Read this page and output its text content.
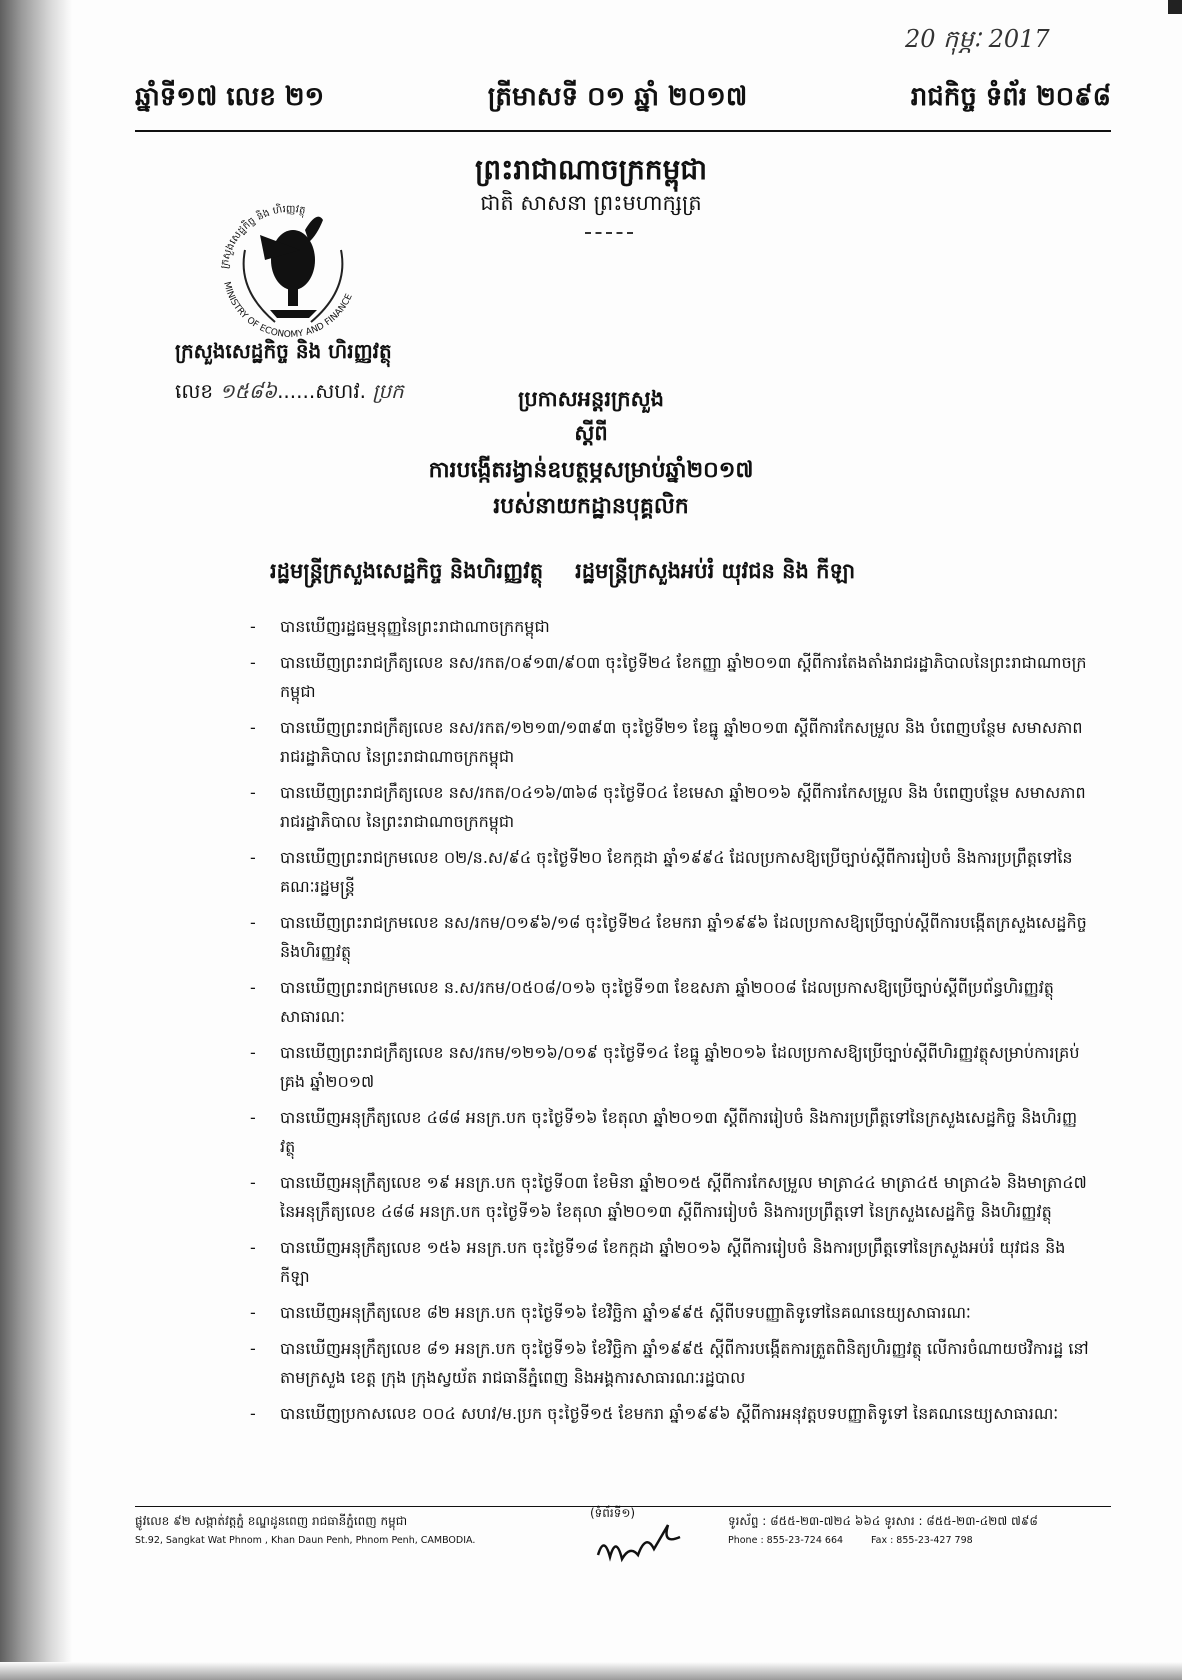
20 កុម្ភៈ 2017
ឆ្នាំទី១៧ លេខ ២១	ត្រីមាសទី ០១ ឆ្នាំ ២០១៧	រាជកិច្ច ទំព័រ ២០៩៨
ព្រះរាជាណាចក្រកម្ពុជា
ជាតិ សាសនា ព្រះមហាក្សត្រ
ក្រសួងសេដ្ឋកិច្ច និង ហិរញ្ញវត្ថុ
MINISTRY OF ECONOMY AND FINANCE
ក្រសួងសេដ្ឋកិច្ច និង ហិរញ្ញវត្ថុ
លេខ ១៥៨៦......សហវ. ប្រក	ប្រកាសអន្តរក្រសួង
ស្តីពី
ការបង្កើតរង្វាន់ឧបត្ថម្ភសម្រាប់ឆ្នាំ២០១៧
របស់នាយកដ្ឋានបុគ្គលិក
រដ្ឋមន្ត្រីក្រសួងសេដ្ឋកិច្ច និងហិរញ្ញវត្ថុ រដ្ឋមន្ត្រីក្រសួងអប់រំ យុវជន និង កីឡា
- បានឃើញរដ្ឋធម្មនុញ្ញនៃព្រះរាជាណាចក្រកម្ពុជា
- បានឃើញព្រះរាជក្រឹត្យលេខ នស/រកត/០៩១៣/៩០៣ ចុះថ្ងៃទី២៤ ខែកញ្ញា ឆ្នាំ២០១៣ ស្តីពីការតែងតាំងរាជរដ្ឋាភិបាលនៃព្រះរាជាណាចក្រកម្ពុជា
- បានឃើញព្រះរាជក្រឹត្យលេខ នស/រកត/១២១៣/១៣៩៣ ចុះថ្ងៃទី២១ ខែធ្នូ ឆ្នាំ២០១៣ ស្តីពីការកែសម្រួល និង បំពេញបន្ថែម សមាសភាពរាជរដ្ឋាភិបាល នៃព្រះរាជាណាចក្រកម្ពុជា
- បានឃើញព្រះរាជក្រឹត្យលេខ នស/រកត/០៤១៦/៣៦៨ ចុះថ្ងៃទី០៤ ខែមេសា ឆ្នាំ២០១៦ ស្តីពីការកែសម្រួល និង បំពេញបន្ថែម សមាសភាពរាជរដ្ឋាភិបាល នៃព្រះរាជាណាចក្រកម្ពុជា
- បានឃើញព្រះរាជក្រមលេខ ០២/ន.ស/៩៤ ចុះថ្ងៃទី២០ ខែកក្កដា ឆ្នាំ១៩៩៤ ដែលប្រកាសឱ្យប្រើច្បាប់ស្តីពីការរៀបចំ និងការប្រព្រឹត្តទៅនៃគណៈរដ្ឋមន្ត្រី
- បានឃើញព្រះរាជក្រមលេខ នស/រកម/០១៩៦/១៨ ចុះថ្ងៃទី២៤ ខែមករា ឆ្នាំ១៩៩៦ ដែលប្រកាសឱ្យប្រើច្បាប់ស្តីពីការបង្កើតក្រសួងសេដ្ឋកិច្ច និងហិរញ្ញវត្ថុ
- បានឃើញព្រះរាជក្រមលេខ ន.ស/រកម/០៥០៨/០១៦ ចុះថ្ងៃទី១៣ ខែឧសភា ឆ្នាំ២០០៨ ដែលប្រកាសឱ្យប្រើច្បាប់ស្តីពីប្រព័ន្ធហិរញ្ញវត្ថុសាធារណៈ
- បានឃើញព្រះរាជក្រឹត្យលេខ នស/រកម/១២១៦/០១៩ ចុះថ្ងៃទី១៤ ខែធ្នូ ឆ្នាំ២០១៦ ដែលប្រកាសឱ្យប្រើច្បាប់ស្តីពីហិរញ្ញវត្ថុសម្រាប់ការគ្រប់គ្រង ឆ្នាំ២០១៧
- បានឃើញអនុក្រឹត្យលេខ ៤៨៨ អនក្រ.បក ចុះថ្ងៃទី១៦ ខែតុលា ឆ្នាំ២០១៣ ស្តីពីការរៀបចំ និងការប្រព្រឹត្តទៅនៃក្រសួងសេដ្ឋកិច្ច និងហិរញ្ញវត្ថុ
- បានឃើញអនុក្រឹត្យលេខ ១៩ អនក្រ.បក ចុះថ្ងៃទី០៣ ខែមិនា ឆ្នាំ២០១៥ ស្តីពីការកែសម្រួល មាត្រា៤៤ មាត្រា៤៥ មាត្រា៤៦ និងមាត្រា៤៧ នៃអនុក្រឹត្យលេខ ៤៨៨ អនក្រ.បក ចុះថ្ងៃទី១៦ ខែតុលា ឆ្នាំ២០១៣ ស្តីពីការរៀបចំ និងការប្រព្រឹត្តទៅ នៃក្រសួងសេដ្ឋកិច្ច និងហិរញ្ញវត្ថុ
- បានឃើញអនុក្រឹត្យលេខ ១៥៦ អនក្រ.បក ចុះថ្ងៃទី១៨ ខែកក្កដា ឆ្នាំ២០១៦ ស្តីពីការរៀបចំ និងការប្រព្រឹត្តទៅនៃក្រសួងអប់រំ យុវជន និងកីឡា
- បានឃើញអនុក្រឹត្យលេខ ៨២ អនក្រ.បក ចុះថ្ងៃទី១៦ ខែវិច្ឆិកា ឆ្នាំ១៩៩៥ ស្តីពីបទបញ្ញាតិទូទៅនៃគណនេយ្យសាធារណៈ
- បានឃើញអនុក្រឹត្យលេខ ៨១ អនក្រ.បក ចុះថ្ងៃទី១៦ ខែវិច្ឆិកា ឆ្នាំ១៩៩៥ ស្តីពីការបង្កើតការត្រួតពិនិត្យហិរញ្ញវត្ថុ លើការចំណាយថវិការដ្ឋ នៅតាមក្រសួង ខេត្ត ក្រុង ក្រុងស្វយ័ត រាជធានីភ្នំពេញ និងអង្គការសាធារណៈរដ្ឋបាល
- បានឃើញប្រកាសលេខ ០០៤ សហវ/ម.ប្រក ចុះថ្ងៃទី១៥ ខែមករា ឆ្នាំ១៩៩៦ ស្តីពីការអនុវត្តបទបញ្ញាតិទូទៅ នៃគណនេយ្យសាធារណៈ
ផ្លូវលេខ ៩២ សង្កាត់វត្តភ្នំ ខណ្ឌដូនពេញ រាជធានីភ្នំពេញ កម្ពុជា
St.92, Sangkat Wat Phnom , Khan Daun Penh, Phnom Penh, CAMBODIA.
(ទំព័រទី១)
ទូរស័ព្ទ : ៨៥៥-២៣-៧២៤ ៦៦៤ ទូរសារ : ៨៥៥-២៣-៤២៧ ៧៩៨
Phone : 855-23-724 664	Fax : 855-23-427 798
